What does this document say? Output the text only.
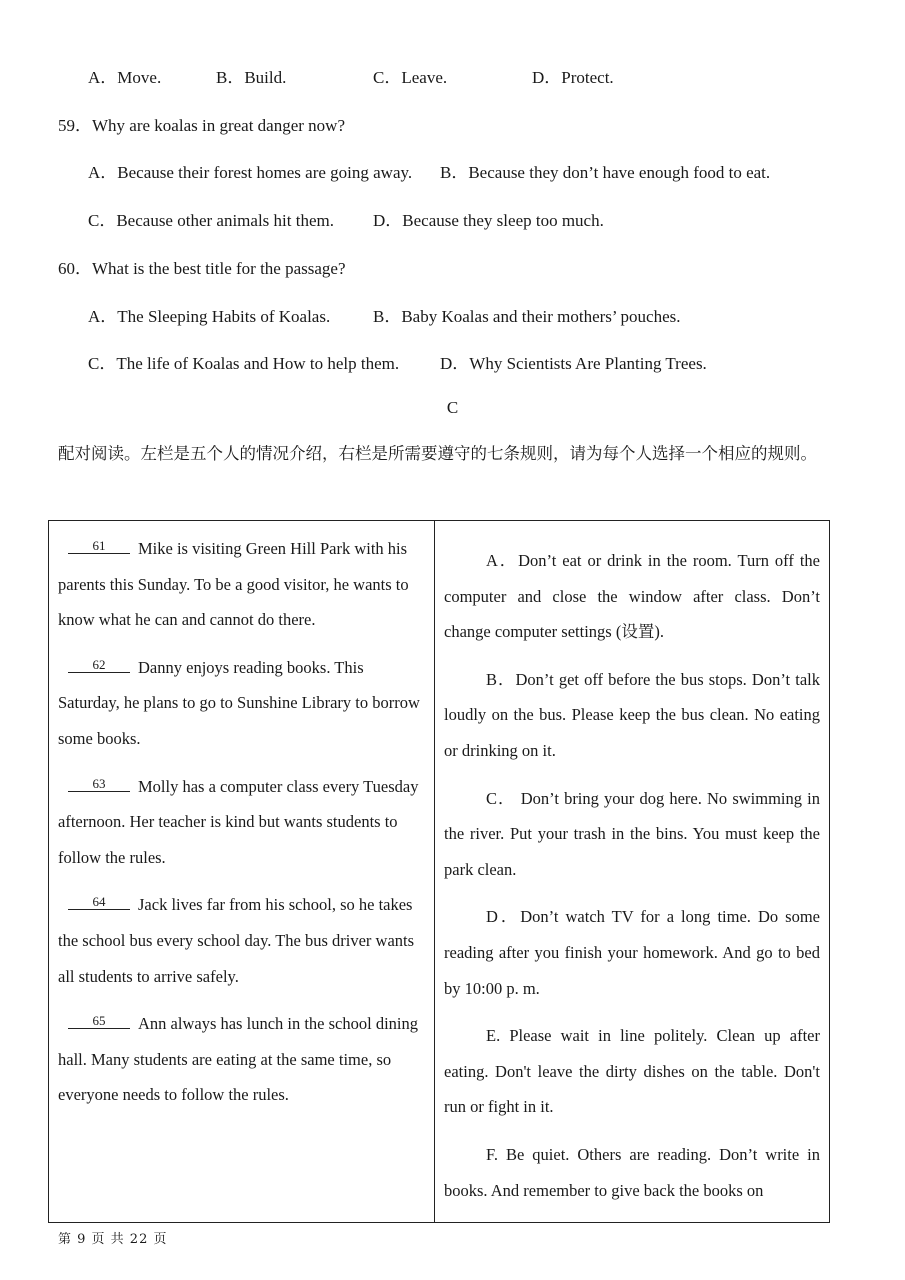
A．Move.	B．Build.	C．Leave.	D．Protect.
59．Why are koalas in great danger now?
A．Because their forest homes are going away. B．Because they don’t have enough food to eat.
C．Because other animals hit them. D．Because they sleep too much.
60．What is the best title for the passage?
A．The Sleeping Habits of Koalas.	B．Baby Koalas and their mothers’ pouches.
C．The life of Koalas and How to help them. D．Why Scientists Are Planting Trees.
C
配对阅读。左栏是五个人的情况介绍，右栏是所需要遵守的七条规则，请为每个人选择一个相应的规则。
61 Mike is visiting Green Hill Park with his parents this Sunday. To be a good visitor, he wants to know what he can and cannot do there.
62 Danny enjoys reading books. This Saturday, he plans to go to Sunshine Library to borrow some books.
63 Molly has a computer class every Tuesday afternoon. Her teacher is kind but wants students to follow the rules.
64 Jack lives far from his school, so he takes the school bus every school day. The bus driver wants all students to arrive safely.
65 Ann always has lunch in the school dining hall. Many students are eating at the same time, so everyone needs to follow the rules.
A．Don’t eat or drink in the room. Turn off the computer and close the window after class. Don’t change computer settings (设置).
B．Don’t get off before the bus stops. Don’t talk loudly on the bus. Please keep the bus clean. No eating or drinking on it.
C． Don’t bring your dog here. No swimming in the river. Put your trash in the bins. You must keep the park clean.
D．Don’t watch TV for a long time. Do some reading after you finish your homework. And go to bed by 10:00 p. m.
E. Please wait in line politely. Clean up after eating. Don't leave the dirty dishes on the table. Don't run or fight in it.
F. Be quiet. Others are reading. Don’t write in books. And remember to give back the books on
第 9 页 共 22 页
